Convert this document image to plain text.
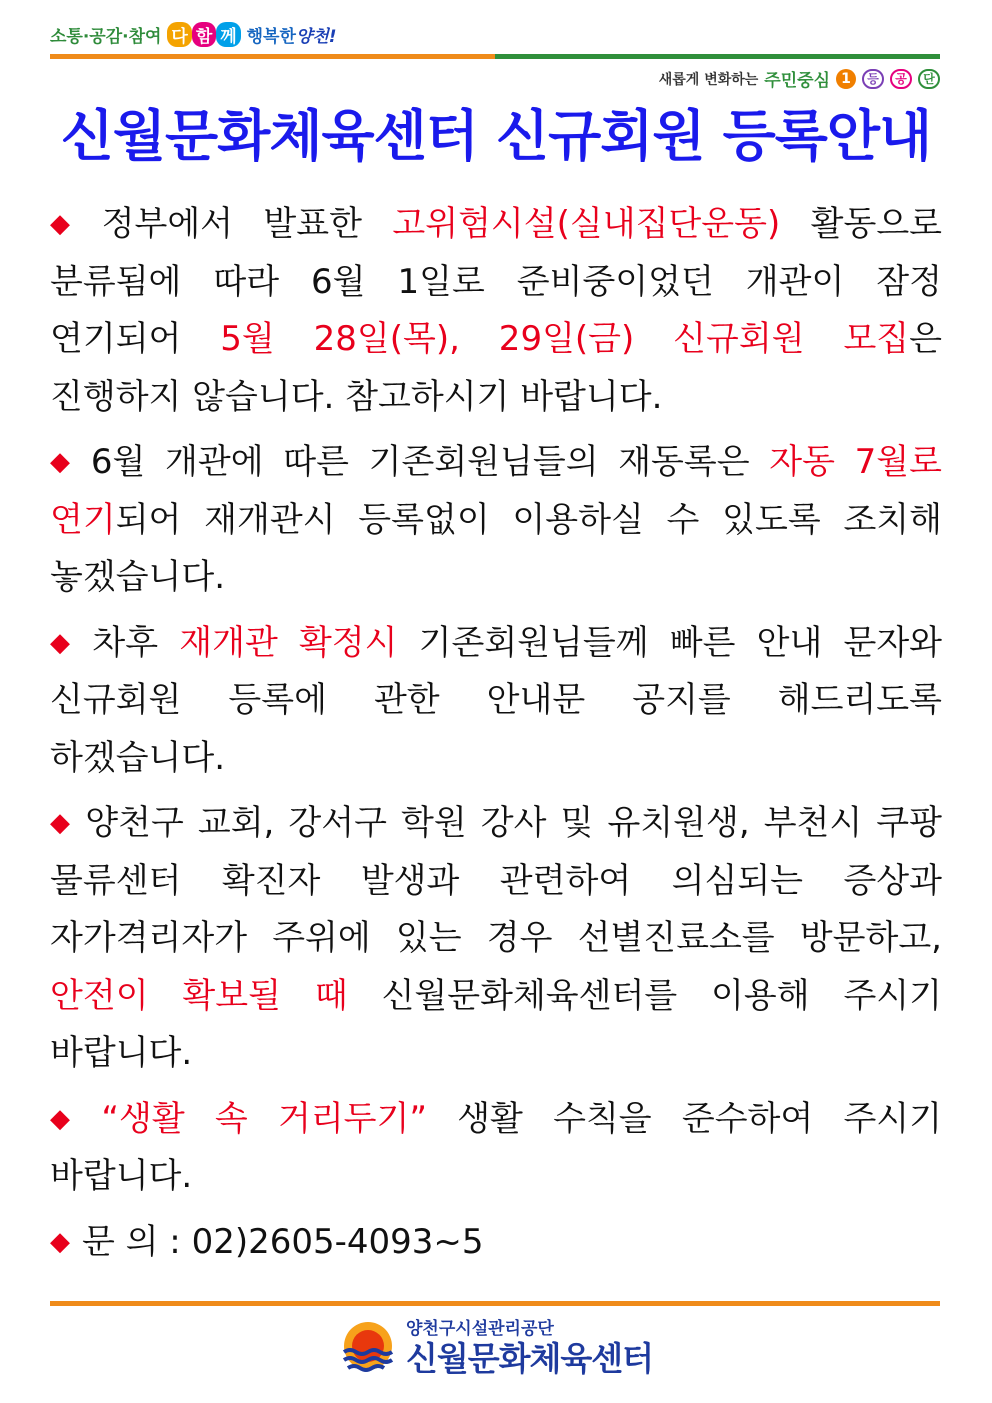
소통·공감·참여 다 함 께 행복한양천!
새롭게 변화하는 주민중심 1	등	공	단
신월문화체육센터 신규회원 등록안내

◆ 정부에서 발표한 고위험시설(실내집단운동) 활동으로 분류됨에 따라 6월 1일로 준비중이었던 개관이 잠정 연기되어 5월 28일(목), 29일(금) 신규회원 모집은 진행하지 않습니다. 참고하시기 바랍니다.

◆ 6월 개관에 따른 기존회원님들의 재동록은 자동 7월로 연기되어 재개관시 등록없이 이용하실 수 있도록 조치해 놓겠습니다.

◆ 차후 재개관 확정시 기존회원님들께 빠른 안내 문자와 신규회원 등록에 관한 안내문 공지를 해드리도록 하겠습니다.

◆ 양천구 교회, 강서구 학원 강사 및 유치원생, 부천시 쿠팡 물류센터 확진자 발생과 관련하여 의심되는 증상과 자가격리자가 주위에 있는 경우 선별진료소를 방문하고, 안전이 확보될 때 신월문화체육센터를 이용해 주시기 바랍니다.

◆ “생활 속 거리두기” 생활 수칙을 준수하여 주시기 바랍니다.

◆ 문 의 : 02)2605-4093~5

양천구시설관리공단
신월문화체육센터
